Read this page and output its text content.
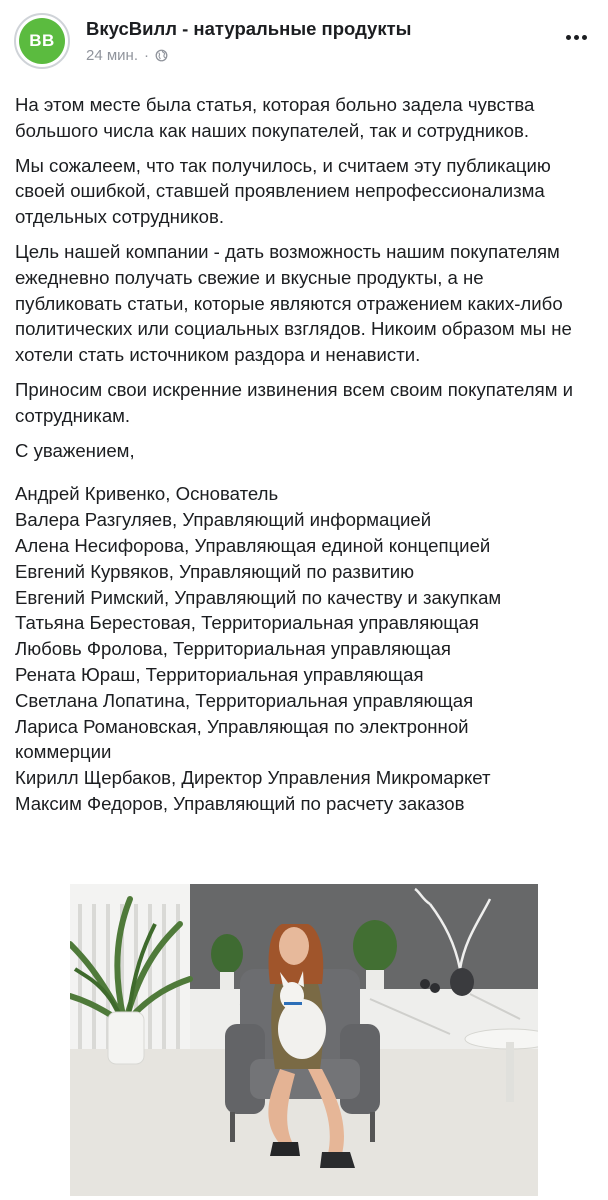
ВВ
ВкусВилл - натуральные продукты
24 мин. ·

На этом месте была статья, которая больно задела чувства большого числа как наших покупателей, так и сотрудников.

Мы сожалеем, что так получилось, и считаем эту публикацию своей ошибкой, ставшей проявлением непрофессионализма отдельных сотрудников.

Цель нашей компании - дать возможность нашим покупателям ежедневно получать свежие и вкусные продукты, а не публиковать статьи, которые являются отражением каких-либо политических или социальных взглядов. Никоим образом мы не хотели стать источником раздора и ненависти.

Приносим свои искренние извинения всем своим покупателям и сотрудникам.

С уважением,

Андрей Кривенко, Основатель
Валера Разгуляев, Управляющий информацией
Алена Несифорова, Управляющая единой концепцией
Евгений Курвяков, Управляющий по развитию
Евгений Римский, Управляющий по качеству и закупкам
Татьяна Берестовая, Территориальная управляющая
Любовь Фролова, Территориальная управляющая
Рената Юраш, Территориальная управляющая
Светлана Лопатина, Территориальная управляющая
Лариса Романовская, Управляющая по электронной коммерции
Кирилл Щербаков, Директор Управления Микромаркет
Максим Федоров, Управляющий по расчету заказов
